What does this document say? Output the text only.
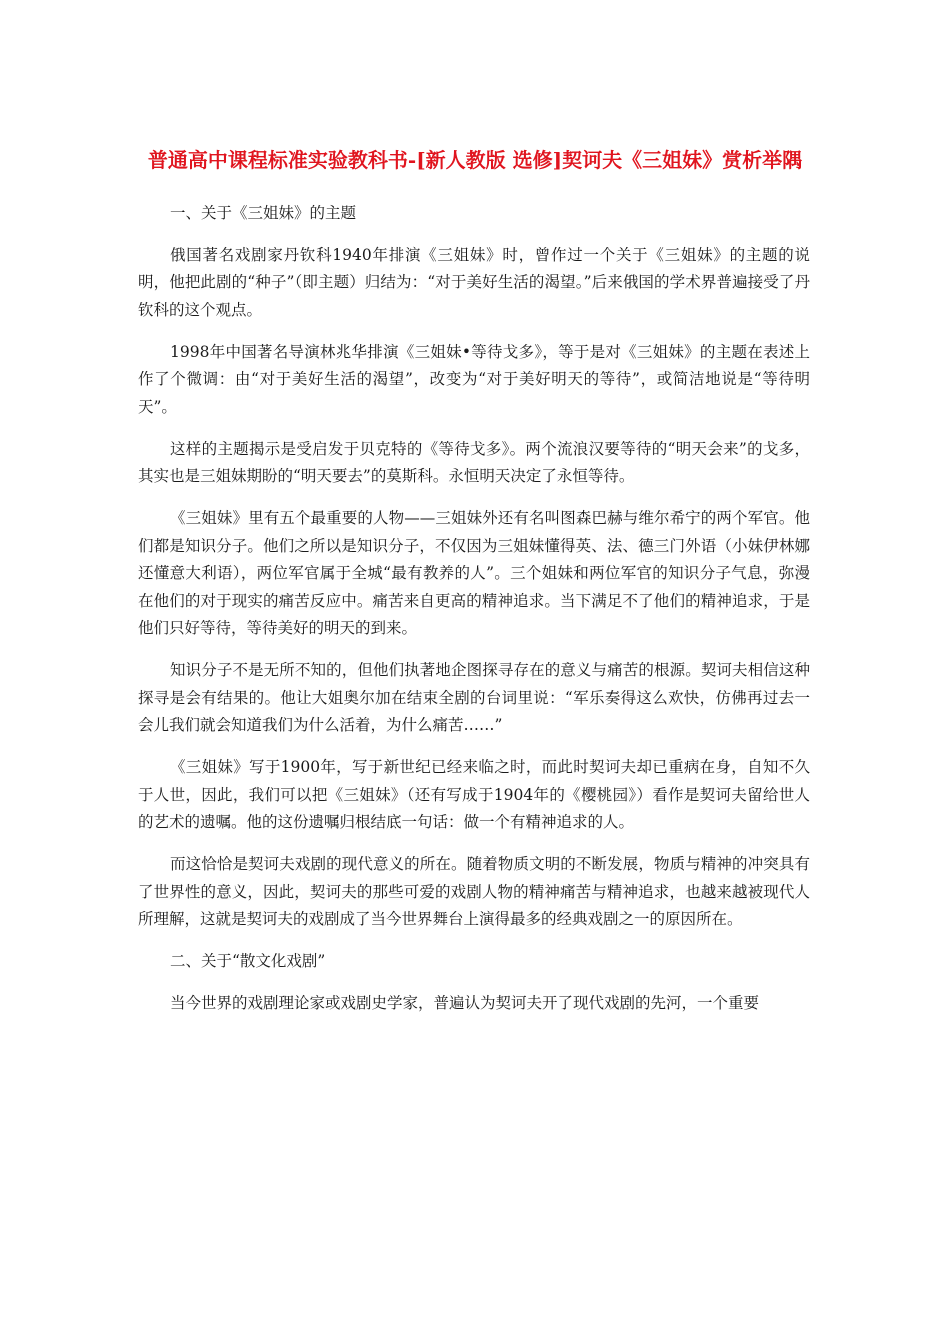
普通高中课程标准实验教科书-[新人教版 选修]契诃夫《三姐妹》赏析举隅

一、关于《三姐妹》的主题

俄国著名戏剧家丹钦科1940年排演《三姐妹》时，曾作过一个关于《三姐妹》的主题的说明，他把此剧的“种子”（即主题）归结为：“对于美好生活的渴望。”后来俄国的学术界普遍接受了丹钦科的这个观点。

1998年中国著名导演林兆华排演《三姐妹•等待戈多》，等于是对《三姐妹》的主题在表述上作了个微调：由“对于美好生活的渴望”，改变为“对于美好明天的等待”，或简洁地说是“等待明天”。

这样的主题揭示是受启发于贝克特的《等待戈多》。两个流浪汉要等待的“明天会来”的戈多，其实也是三姐妹期盼的“明天要去”的莫斯科。永恒明天决定了永恒等待。

《三姐妹》里有五个最重要的人物——三姐妹外还有名叫图森巴赫与维尔希宁的两个军官。他们都是知识分子。他们之所以是知识分子，不仅因为三姐妹懂得英、法、德三门外语（小妹伊林娜还懂意大利语），两位军官属于全城“最有教养的人”。三个姐妹和两位军官的知识分子气息，弥漫在他们的对于现实的痛苦反应中。痛苦来自更高的精神追求。当下满足不了他们的精神追求，于是他们只好等待，等待美好的明天的到来。

知识分子不是无所不知的，但他们执著地企图探寻存在的意义与痛苦的根源。契诃夫相信这种探寻是会有结果的。他让大姐奥尔加在结束全剧的台词里说：“军乐奏得这么欢快，仿佛再过去一会儿我们就会知道我们为什么活着，为什么痛苦……”

《三姐妹》写于1900年，写于新世纪已经来临之时，而此时契诃夫却已重病在身，自知不久于人世，因此，我们可以把《三姐妹》（还有写成于1904年的《樱桃园》）看作是契诃夫留给世人的艺术的遗嘱。他的这份遗嘱归根结底一句话：做一个有精神追求的人。

而这恰恰是契诃夫戏剧的现代意义的所在。随着物质文明的不断发展，物质与精神的冲突具有了世界性的意义，因此，契诃夫的那些可爱的戏剧人物的精神痛苦与精神追求，也越来越被现代人所理解，这就是契诃夫的戏剧成了当今世界舞台上演得最多的经典戏剧之一的原因所在。

二、关于“散文化戏剧”

当今世界的戏剧理论家或戏剧史学家，普遍认为契诃夫开了现代戏剧的先河，一个重要
